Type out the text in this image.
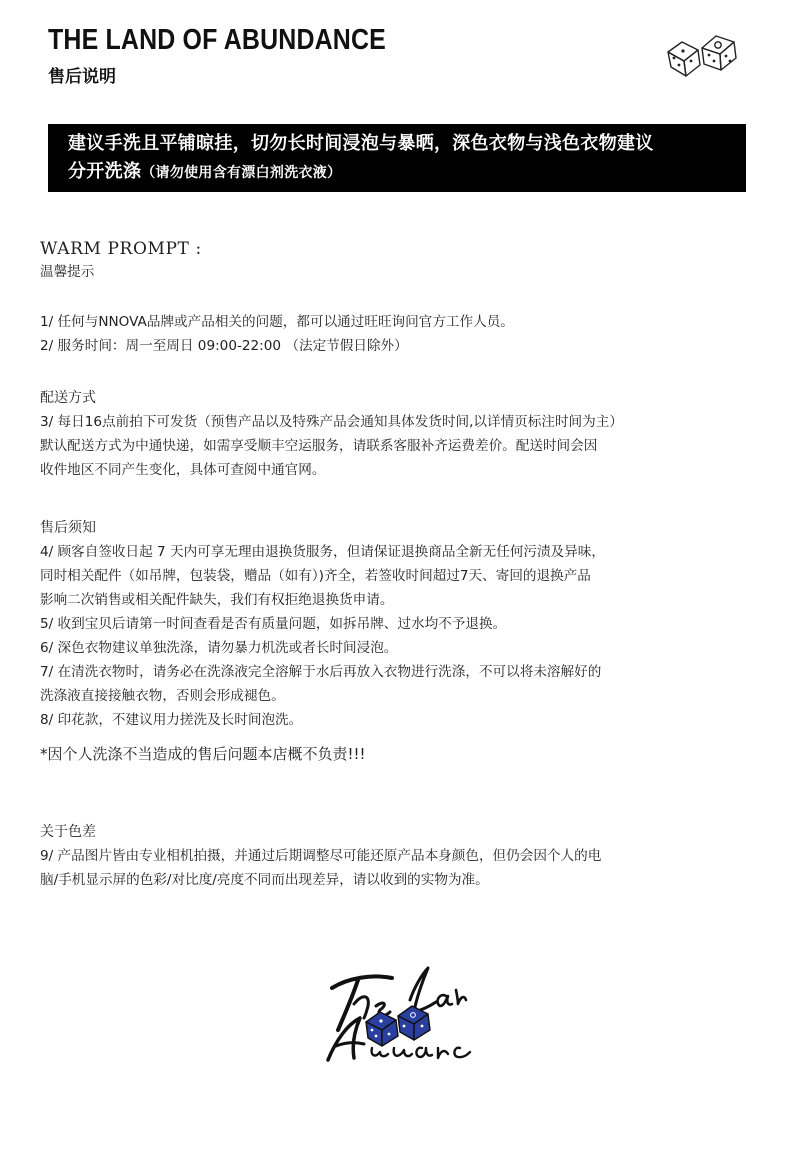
THE LAND OF ABUNDANCE
售后说明
建议手洗且平铺晾挂，切勿长时间浸泡与暴晒，深色衣物与浅色衣物建议
分开洗涤（请勿使用含有漂白剂洗衣液）
WARM PROMPT :
温馨提示
1/ 任何与NNOVA品牌或产品相关的问题，都可以通过旺旺询问官方工作人员。
2/ 服务时间：周一至周日 09:00-22:00 （法定节假日除外）
配送方式
3/ 每日16点前拍下可发货（预售产品以及特殊产品会通知具体发货时间,以详情页标注时间为主）
默认配送方式为中通快递，如需享受顺丰空运服务，请联系客服补齐运费差价。配送时间会因
收件地区不同产生变化，具体可查阅中通官网。
售后须知
4/ 顾客自签收日起 7 天内可享无理由退换货服务，但请保证退换商品全新无任何污渍及异味，
同时相关配件（如吊牌，包装袋，赠品（如有）)齐全，若签收时间超过7天、寄回的退换产品
影响二次销售或相关配件缺失，我们有权拒绝退换货申请。
5/ 收到宝贝后请第一时间查看是否有质量问题，如拆吊牌、过水均不予退换。
6/ 深色衣物建议单独洗涤，请勿暴力机洗或者长时间浸泡。
7/ 在清洗衣物时，请务必在洗涤液完全溶解于水后再放入衣物进行洗涤，不可以将未溶解好的
洗涤液直接接触衣物，否则会形成褪色。
8/ 印花款，不建议用力搓洗及长时间泡洗。
*因个人洗涤不当造成的售后问题本店概不负责!!!
关于色差
9/ 产品图片皆由专业相机拍摄，并通过后期调整尽可能还原产品本身颜色，但仍会因个人的电
脑/手机显示屏的色彩/对比度/亮度不同而出现差异，请以收到的实物为准。
